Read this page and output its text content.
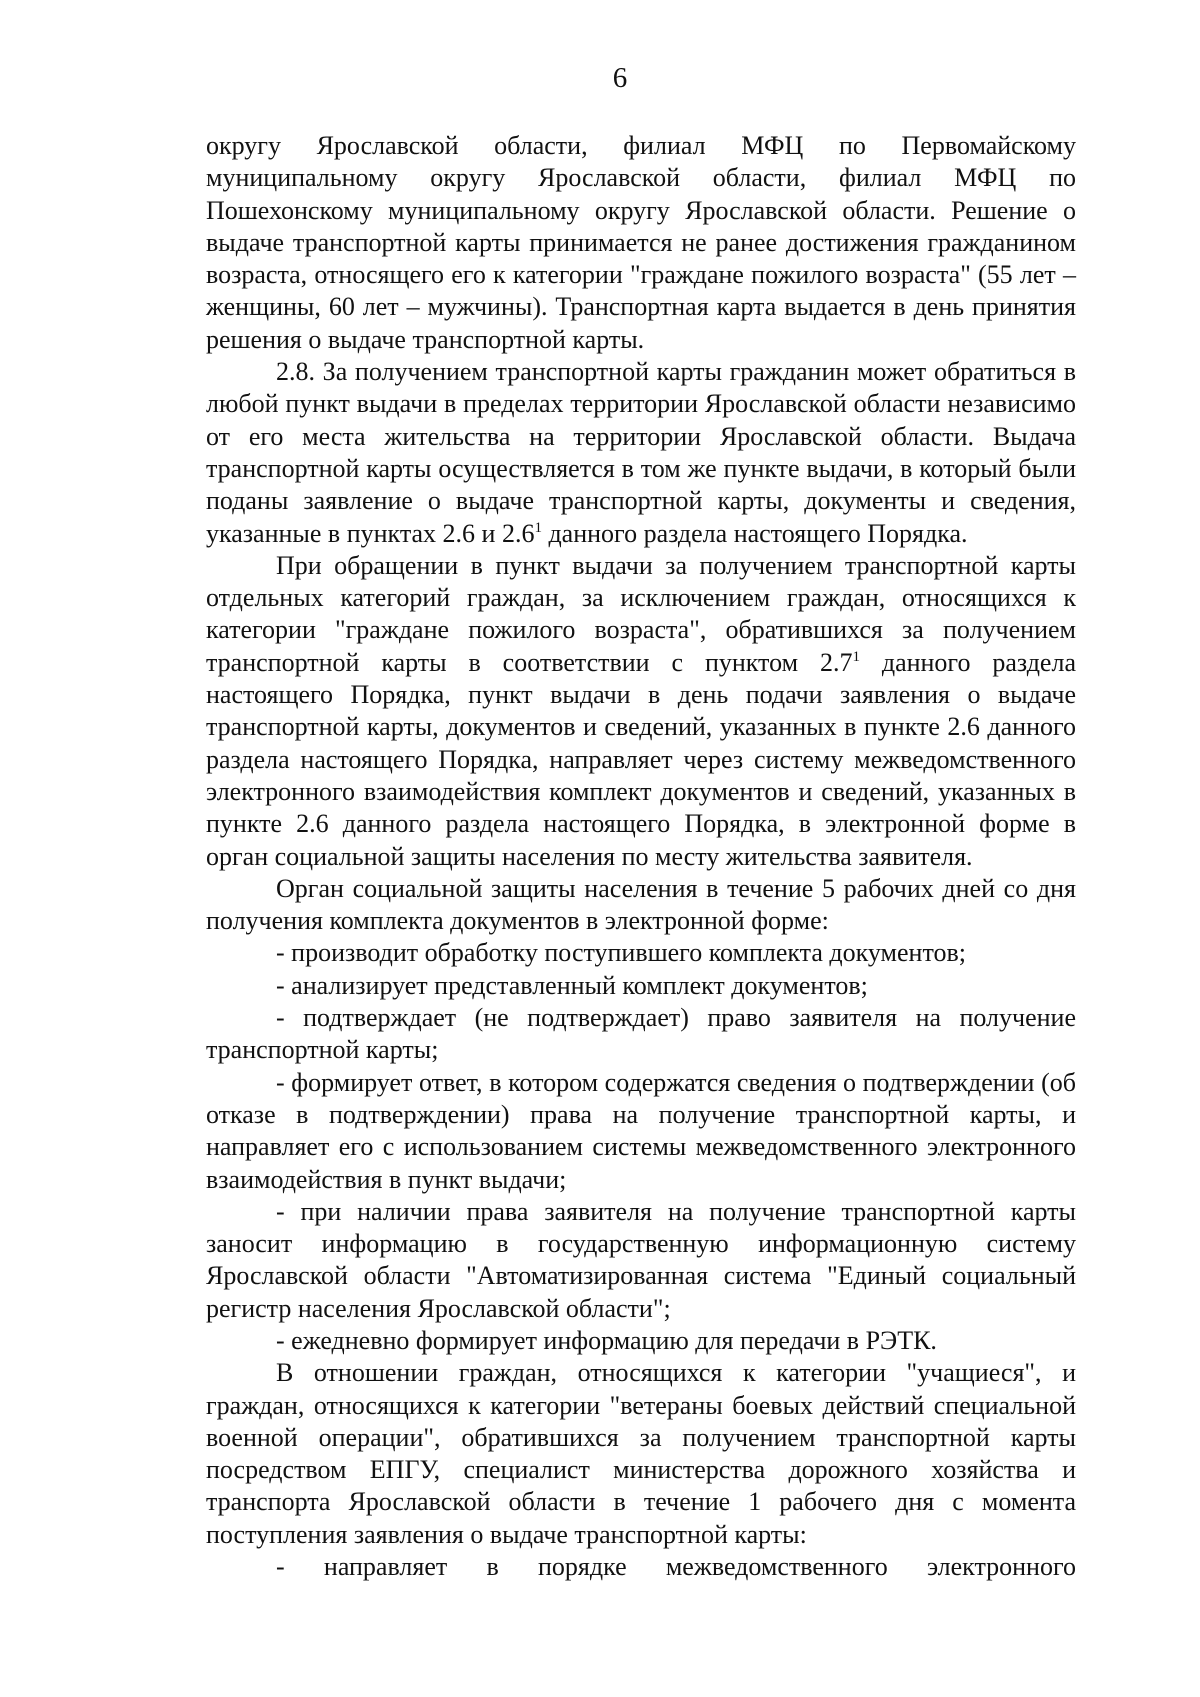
6

округу Ярославской области, филиал МФЦ по Первомайскому муниципальному округу Ярославской области, филиал МФЦ по Пошехонскому муниципальному округу Ярославской области. Решение о выдаче транспортной карты принимается не ранее достижения гражданином возраста, относящего его к категории "граждане пожилого возраста" (55 лет – женщины, 60 лет – мужчины). Транспортная карта выдается в день принятия решения о выдаче транспортной карты.

2.8. За получением транспортной карты гражданин может обратиться в любой пункт выдачи в пределах территории Ярославской области независимо от его места жительства на территории Ярославской области. Выдача транспортной карты осуществляется в том же пункте выдачи, в который были поданы заявление о выдаче транспортной карты, документы и сведения, указанные в пунктах 2.6 и $2.6^1$ данного раздела настоящего Порядка.

При обращении в пункт выдачи за получением транспортной карты отдельных категорий граждан, за исключением граждан, относящихся к категории "граждане пожилого возраста", обратившихся за получением транспортной карты в соответствии с пунктом $2.7^1$ данного раздела настоящего Порядка, пункт выдачи в день подачи заявления о выдаче транспортной карты, документов и сведений, указанных в пункте 2.6 данного раздела настоящего Порядка, направляет через систему межведомственного электронного взаимодействия комплект документов и сведений, указанных в пункте 2.6 данного раздела настоящего Порядка, в электронной форме в орган социальной защиты населения по месту жительства заявителя.

Орган социальной защиты населения в течение 5 рабочих дней со дня получения комплекта документов в электронной форме:

- производит обработку поступившего комплекта документов;

- анализирует представленный комплект документов;

- подтверждает (не подтверждает) право заявителя на получение транспортной карты;

- формирует ответ, в котором содержатся сведения о подтверждении (об отказе в подтверждении) права на получение транспортной карты, и направляет его с использованием системы межведомственного электронного взаимодействия в пункт выдачи;

- при наличии права заявителя на получение транспортной карты заносит информацию в государственную информационную систему Ярославской области "Автоматизированная система "Единый социальный регистр населения Ярославской области";

- ежедневно формирует информацию для передачи в РЭТК.

В отношении граждан, относящихся к категории "учащиеся", и граждан, относящихся к категории "ветераны боевых действий специальной военной операции", обратившихся за получением транспортной карты посредством ЕПГУ, специалист министерства дорожного хозяйства и транспорта Ярославской области в течение 1 рабочего дня с момента поступления заявления о выдаче транспортной карты:

- направляет в порядке межведомственного электронного
